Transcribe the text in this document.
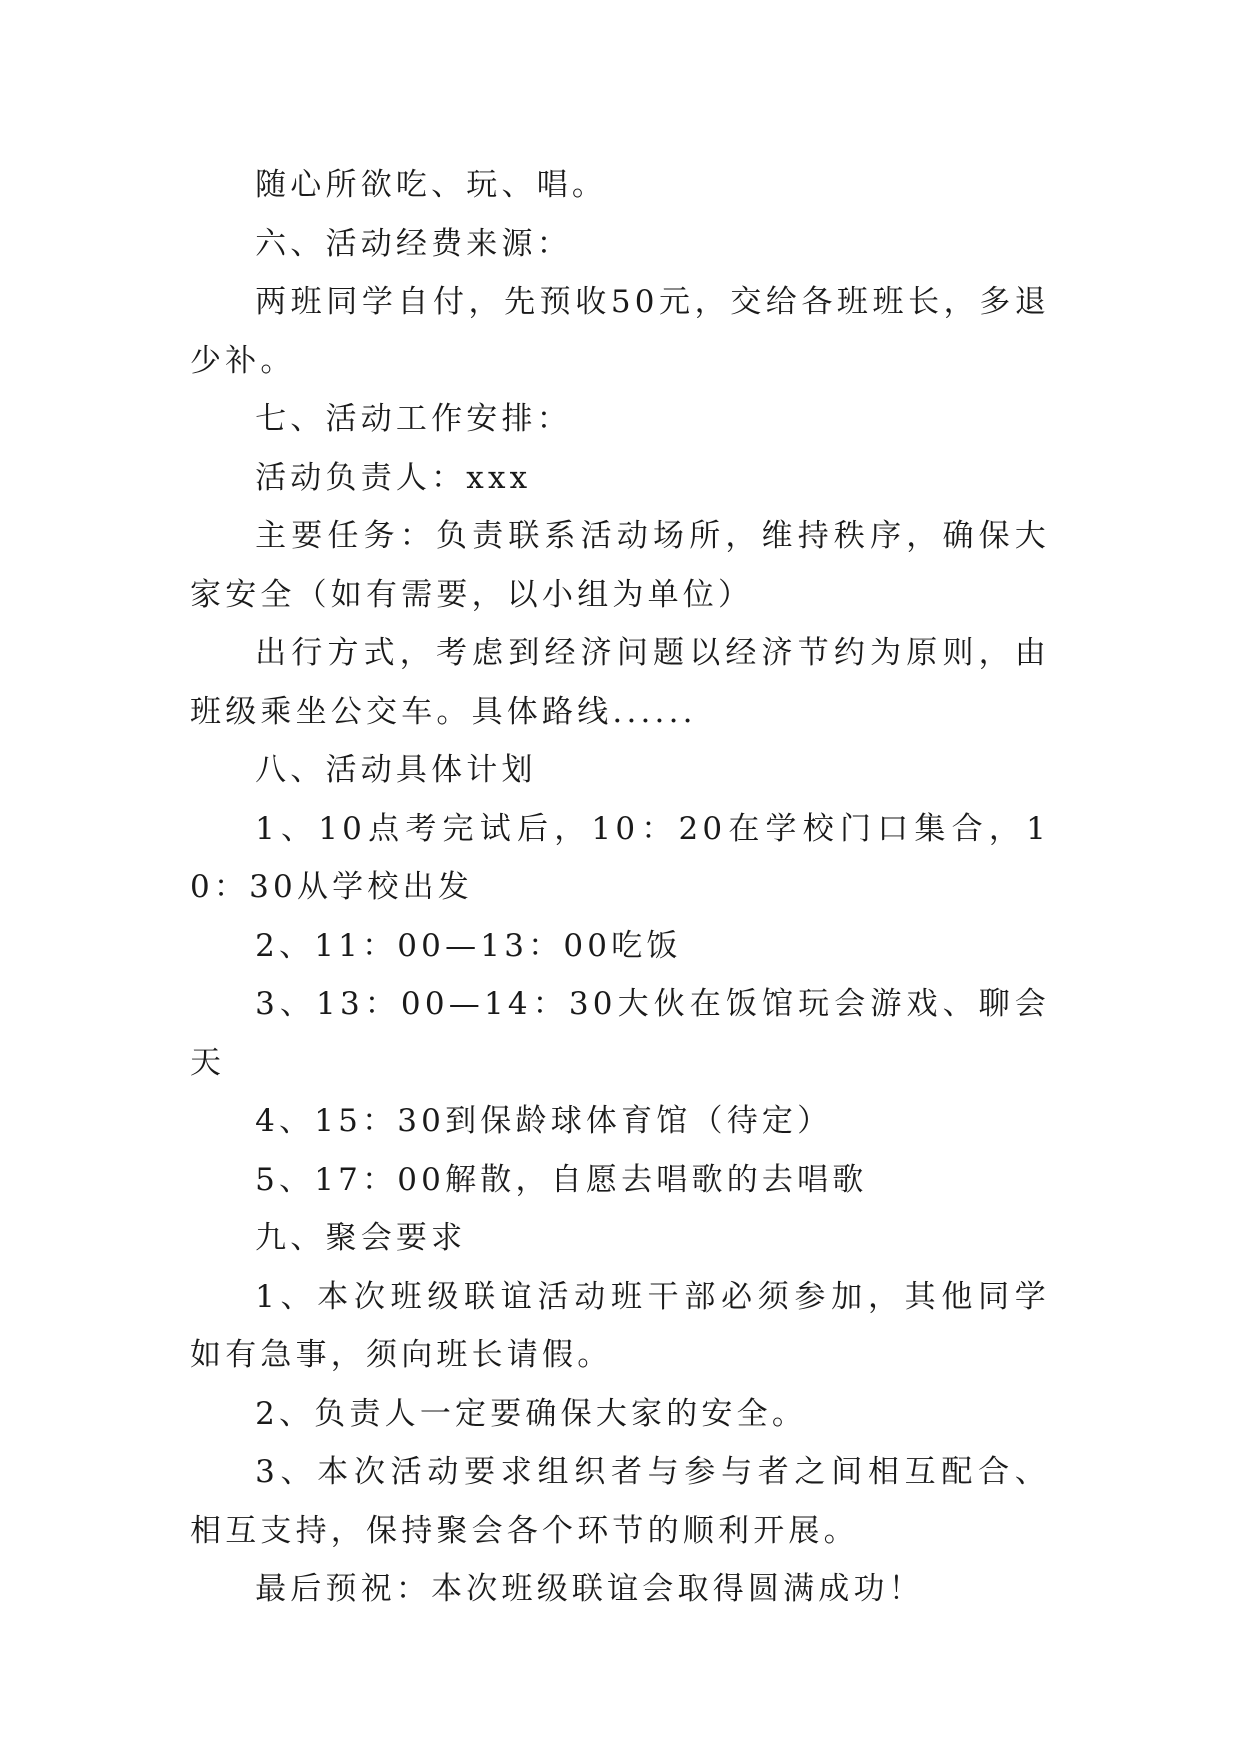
随心所欲吃、玩、唱。

六、活动经费来源：

两班同学自付，先预收50元，交给各班班长，多退少补。

七、活动工作安排：

活动负责人：xxx

主要任务：负责联系活动场所，维持秩序，确保大家安全（如有需要，以小组为单位）

出行方式，考虑到经济问题以经济节约为原则，由班级乘坐公交车。具体路线......

八、活动具体计划

1、10点考完试后，10：20在学校门口集合，10：30从学校出发

2、11：00—13：00吃饭

3、13：00—14：30大伙在饭馆玩会游戏、聊会天

4、15：30到保龄球体育馆（待定）

5、17：00解散，自愿去唱歌的去唱歌

九、聚会要求

1、本次班级联谊活动班干部必须参加，其他同学如有急事，须向班长请假。

2、负责人一定要确保大家的安全。

3、本次活动要求组织者与参与者之间相互配合、相互支持，保持聚会各个环节的顺利开展。

最后预祝：本次班级联谊会取得圆满成功！
